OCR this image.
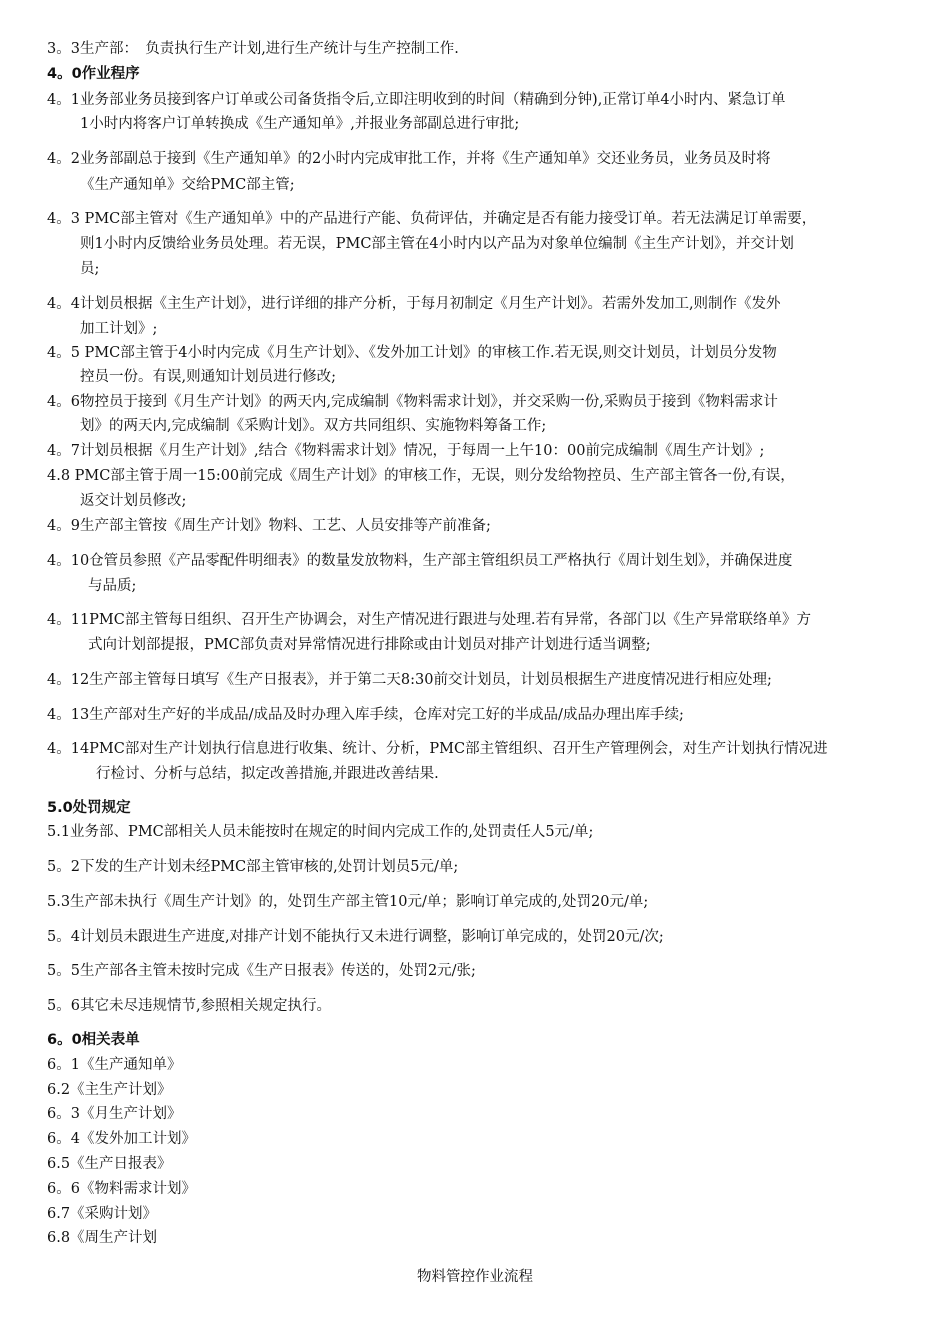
3。3生产部：　负责执行生产计划,进行生产统计与生产控制工作.
4。0作业程序
4。1业务部业务员接到客户订单或公司备货指令后,立即注明收到的时间（精确到分钟),正常订单4小时内、紧急订单
1小时内将客户订单转换成《生产通知单》,并报业务部副总进行审批;
4。2业务部副总于接到《生产通知单》的2小时内完成审批工作，并将《生产通知单》交还业务员，业务员及时将
《生产通知单》交给PMC部主管;
4。3 PMC部主管对《生产通知单》中的产品进行产能、负荷评估，并确定是否有能力接受订单。若无法满足订单需要，
则1小时内反馈给业务员处理。若无误，PMC部主管在4小时内以产品为对象单位编制《主生产计划》，并交计划
员;
4。4计划员根据《主生产计划》，进行详细的排产分析，于每月初制定《月生产计划》。若需外发加工,则制作《发外
加工计划》;
4。5 PMC部主管于4小时内完成《月生产计划》、《发外加工计划》的审核工作.若无误,则交计划员，计划员分发物
控员一份。有误,则通知计划员进行修改;
4。6物控员于接到《月生产计划》的两天内,完成编制《物料需求计划》，并交采购一份,采购员于接到《物料需求计
划》的两天内,完成编制《采购计划》。双方共同组织、实施物料筹备工作;
4。7计划员根据《月生产计划》,结合《物料需求计划》情况，于每周一上午10：00前完成编制《周生产计划》;
4.8 PMC部主管于周一15:00前完成《周生产计划》的审核工作，无误，则分发给物控员、生产部主管各一份,有误，
返交计划员修改;
4。9生产部主管按《周生产计划》物料、工艺、人员安排等产前准备;
4。10仓管员参照《产品零配件明细表》的数量发放物料，生产部主管组织员工严格执行《周计划生划》，并确保进度
与品质;
4。11PMC部主管每日组织、召开生产协调会，对生产情况进行跟进与处理.若有异常，各部门以《生产异常联络单》方
式向计划部提报，PMC部负责对异常情况进行排除或由计划员对排产计划进行适当调整;
4。12生产部主管每日填写《生产日报表》，并于第二天8:30前交计划员，计划员根据生产进度情况进行相应处理;
4。13生产部对生产好的半成品/成品及时办理入库手续，仓库对完工好的半成品/成品办理出库手续;
4。14PMC部对生产计划执行信息进行收集、统计、分析，PMC部主管组织、召开生产管理例会，对生产计划执行情况进
行检讨、分析与总结，拟定改善措施,并跟进改善结果.
5.0处罚规定
5.1业务部、PMC部相关人员未能按时在规定的时间内完成工作的,处罚责任人5元/单;
5。2下发的生产计划未经PMC部主管审核的,处罚计划员5元/单;
5.3生产部未执行《周生产计划》的，处罚生产部主管10元/单；影响订单完成的,处罚20元/单;
5。4计划员未跟进生产进度,对排产计划不能执行又未进行调整，影响订单完成的，处罚20元/次;
5。5生产部各主管未按时完成《生产日报表》传送的，处罚2元/张;
5。6其它未尽违规情节,参照相关规定执行。
6。0相关表单
6。1《生产通知单》
6.2《主生产计划》
6。3《月生产计划》
6。4《发外加工计划》
6.5《生产日报表》
6。6《物料需求计划》
6.7《采购计划》
6.8《周生产计划
物料管控作业流程
